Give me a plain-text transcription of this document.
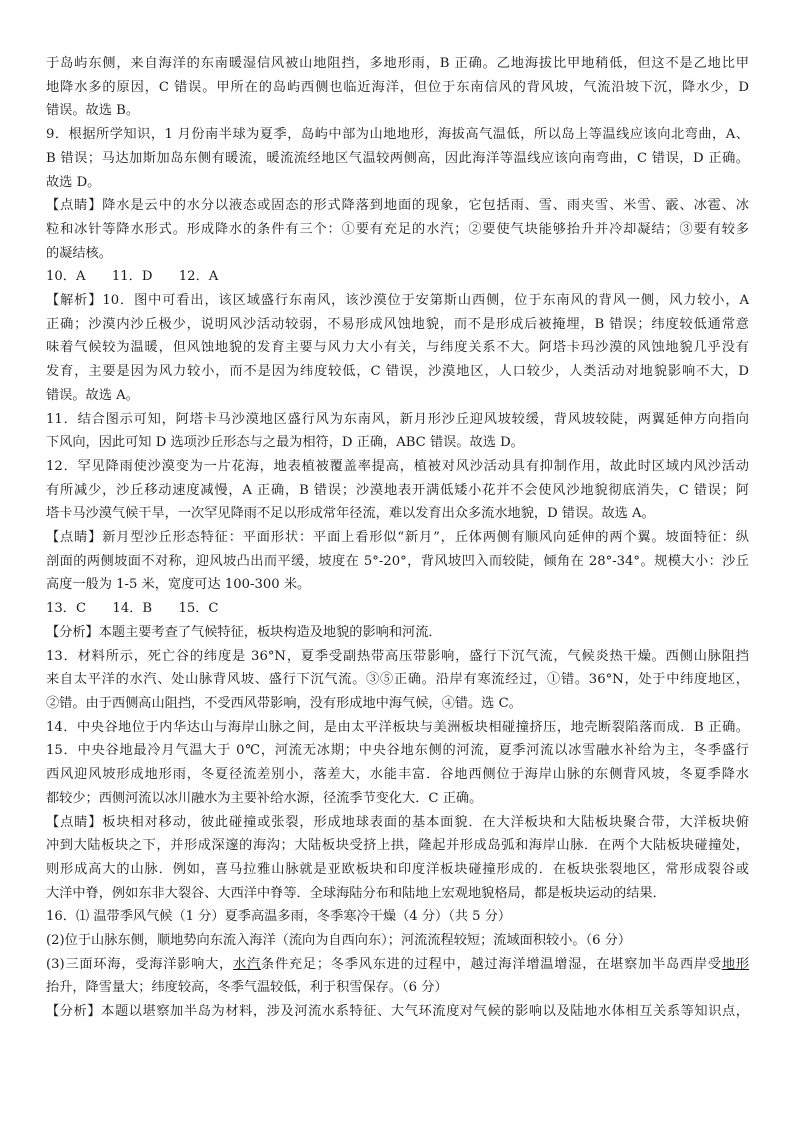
于岛屿东侧，来自海洋的东南暖湿信风被山地阻挡，多地形雨，B 正确。乙地海拔比甲地稍低，但这不是乙地比甲
地降水多的原因，C 错误。甲所在的岛屿西侧也临近海洋，但位于东南信风的背风坡，气流沿坡下沉，降水少，D
错误。故选 B。
9．根据所学知识，1 月份南半球为夏季，岛屿中部为山地地形，海拔高气温低，所以岛上等温线应该向北弯曲，A、
B 错误；马达加斯加岛东侧有暖流，暖流流经地区气温较两侧高，因此海洋等温线应该向南弯曲，C 错误，D 正确。
故选 D。
【点睛】降水是云中的水分以液态或固态的形式降落到地面的现象，它包括雨、雪、雨夹雪、米雪、霰、冰雹、冰
粒和冰针等降水形式。形成降水的条件有三个：①要有充足的水汽；②要使气块能够抬升并冷却凝结；③要有较多
的凝结核。
10．A　　11．D　　12．A
【解析】10．图中可看出，该区域盛行东南风，该沙漠位于安第斯山西侧，位于东南风的背风一侧，风力较小，A
正确；沙漠内沙丘极少，说明风沙活动较弱，不易形成风蚀地貌，而不是形成后被掩埋，B 错误；纬度较低通常意
味着气候较为温暖，但风蚀地貌的发育主要与风力大小有关，与纬度关系不大。阿塔卡玛沙漠的风蚀地貌几乎没有
发育，主要是因为风力较小，而不是因为纬度较低，C 错误，沙漠地区，人口较少，人类活动对地貌影响不大，D
错误。故选 A。
11．结合图示可知，阿塔卡马沙漠地区盛行风为东南风，新月形沙丘迎风坡较缓，背风坡较陡，两翼延伸方向指向
下风向，因此可知 D 选项沙丘形态与之最为相符，D 正确，ABC 错误。故选 D。
12．罕见降雨使沙漠变为一片花海，地表植被覆盖率提高，植被对风沙活动具有抑制作用，故此时区域内风沙活动
有所减少，沙丘移动速度减慢，A 正确，B 错误；沙漠地表开满低矮小花并不会使风沙地貌彻底消失，C 错误；阿
塔卡马沙漠气候干旱，一次罕见降雨不足以形成常年径流，难以发育出众多流水地貌，D 错误。故选 A。
【点睛】新月型沙丘形态特征：平面形状：平面上看形似“新月”，丘体两侧有顺风向延伸的两个翼。坡面特征：纵
剖面的两侧坡面不对称，迎风坡凸出而平缓，坡度在 5°-20°，背风坡凹入而较陡，倾角在 28°-34°。规模大小：沙丘
高度一般为 1-5 米，宽度可达 100-300 米。
13．C　　14．B　　15．C
【分析】本题主要考查了气候特征，板块构造及地貌的影响和河流．
13．材料所示，死亡谷的纬度是 36°N，夏季受副热带高压带影响，盛行下沉气流，气候炎热干燥。西侧山脉阻挡
来自太平洋的水汽、处山脉背风坡、盛行下沉气流。③⑤正确。沿岸有寒流经过，①错。36°N，处于中纬度地区，
②错。由于西侧高山阻挡，不受西风带影响，没有形成地中海气候，④错。选 C。
14．中央谷地位于内华达山与海岸山脉之间，是由太平洋板块与美洲板块相碰撞挤压，地壳断裂陷落而成．B 正确。
15．中央谷地最冷月气温大于 0℃，河流无冰期；中央谷地东侧的河流，夏季河流以冰雪融水补给为主，冬季盛行
西风迎风坡形成地形雨，冬夏径流差别小，落差大，水能丰富．谷地西侧位于海岸山脉的东侧背风坡，冬夏季降水
都较少；西侧河流以冰川融水为主要补给水源，径流季节变化大．C 正确。
【点睛】板块相对移动，彼此碰撞或张裂，形成地球表面的基本面貌．在大洋板块和大陆板块聚合带，大洋板块俯
冲到大陆板块之下，并形成深邃的海沟；大陆板块受挤上拱，隆起并形成岛弧和海岸山脉．在两个大陆板块碰撞处，
则形成高大的山脉．例如，喜马拉雅山脉就是亚欧板块和印度洋板块碰撞形成的．在板块张裂地区，常形成裂谷或
大洋中脊，例如东非大裂谷、大西洋中脊等．全球海陆分布和陆地上宏观地貌格局，都是板块运动的结果．
16．⑴ 温带季风气候（1 分）夏季高温多雨，冬季寒冷干燥（4 分）（共 5 分）
(2)位于山脉东侧，顺地势向东流入海洋（流向为自西向东）；河流流程较短；流域面积较小。（6 分）
(3)三面环海，受海洋影响大，水汽条件充足；冬季风东进的过程中，越过海洋增温增湿，在堪察加半岛西岸受地形
抬升，降雪量大；纬度较高，冬季气温较低，利于积雪保存。（6 分）
【分析】本题以堪察加半岛为材料，涉及河流水系特征、大气环流度对气候的影响以及陆地水体相互关系等知识点，
